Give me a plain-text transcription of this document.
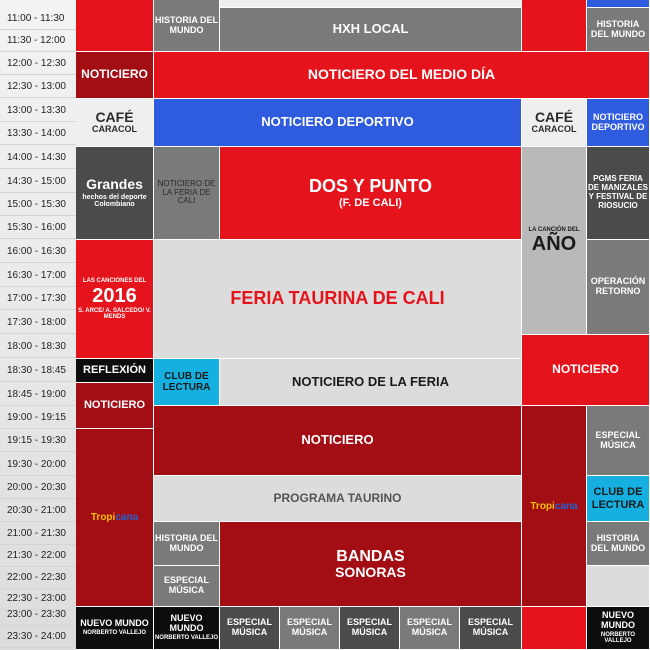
11:00 - 11:30
11:30 - 12:00
12:00 - 12:30
12:30 - 13:00
13:00 - 13:30
13:30 - 14:00
14:00 - 14:30
14:30 - 15:00
15:00 - 15:30
15:30 - 16:00
16:00 - 16:30
16:30 - 17:00
17:00 - 17:30
17:30 - 18:00
18:00 - 18:30
18:30 - 18:45
18:45 - 19:00
19:00 - 19:15
19:15 - 19:30
19:30 - 20:00
20:00 - 20:30
20:30 - 21:00
21:00 - 21:30
21:30 - 22:00
22:00 - 22:30
22:30 - 23:00
23:00 - 23:30
23:30 - 24:00
NOTICIERO
CAFÉ
CARACOL
Grandes
hechos del deporte Colombiano
LAS CANCIONES DEL
2016
S. ARCE/ A. SALCEDO/ V. MENDS
REFLEXIÓN
NOTICIERO
Tropicana
NUEVO MUNDO
NORBERTO VALLEJO
HISTORIA DEL MUNDO
NOTICIERO DE LA FERIA DE CALI
CLUB DE LECTURA
HISTORIA DEL MUNDO
ESPECIAL MÚSICA
HXH LOCAL
NOTICIERO DEL MEDIO DÍA
NOTICIERO DEPORTIVO
DOS Y PUNTO
(F. DE CALI)
FERIA TAURINA DE CALI
NOTICIERO DE LA FERIA
NOTICIERO
PROGRAMA TAURINO
BANDAS
SONORAS
ESPECIAL MÚSICA
ESPECIAL MÚSICA
ESPECIAL MÚSICA
ESPECIAL MÚSICA
ESPECIAL MÚSICA
NUEVO MUNDO
NORBERTO VALLEJO
CAFÉ
CARACOL
LA CANCIÓN DEL
AÑO
NOTICIERO
Tropicana
HISTORIA DEL MUNDO
NOTICIERO DEPORTIVO
PGMS FERIA DE MANIZALES Y FESTIVAL DE RIOSUCIO
OPERACIÓN RETORNO
ESPECIAL MÚSICA
CLUB DE LECTURA
HISTORIA DEL MUNDO
NUEVO MUNDO
NORBERTO VALLEJO
